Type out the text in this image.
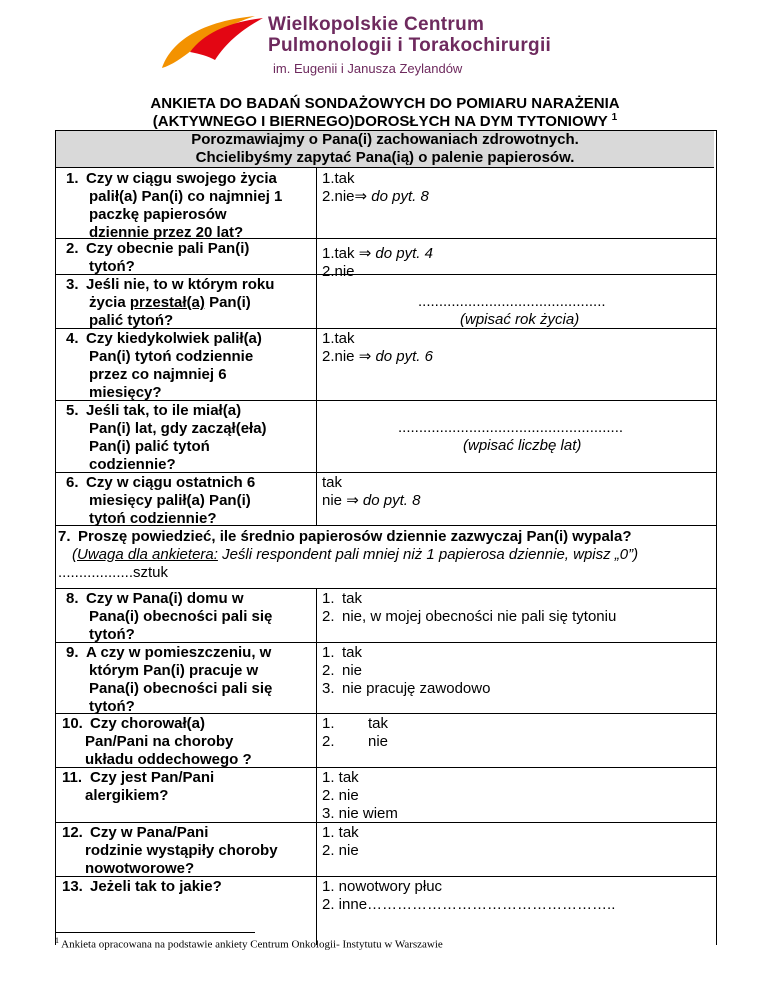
Wielkopolskie Centrum
Pulmonologii i Torakochirurgii
im. Eugenii i Janusza Zeylandów
ANKIETA DO BADAŃ SONDAŻOWYCH DO POMIARU NARAŻENIA
(AKTYWNEGO I BIERNEGO)DOROSŁYCH NA DYM TYTONIOWY $^1$
Porozmawiajmy o Pana(i) zachowaniach zdrowotnych.
Chcielibyśmy zapytać Pana(ią) o palenie papierosów.
1. Czy w ciągu swojego życia
palił(a) Pan(i) co najmniej 1
paczkę papierosów
dziennie przez 20 lat?
1.tak
2.nie⇒ do pyt. 8
2. Czy obecnie pali Pan(i)
tytoń?
1.tak ⇒ do pyt. 4
2.nie
3. Jeśli nie, to w którym roku
życia przestał(a) Pan(i)
palić tytoń?
.............................................
(wpisać rok życia)
4. Czy kiedykolwiek palił(a)
Pan(i) tytoń codziennie
przez co najmniej 6
miesięcy?
1.tak
2.nie ⇒ do pyt. 6
5. Jeśli tak, to ile miał(a)
Pan(i) lat, gdy zaczął(eła)
Pan(i) palić tytoń
codziennie?
......................................................
(wpisać liczbę lat)
6. Czy w ciągu ostatnich 6
miesięcy palił(a) Pan(i)
tytoń codziennie?
tak
nie ⇒ do pyt. 8
7. Proszę powiedzieć, ile średnio papierosów dziennie zazwyczaj Pan(i) wypala?
(Uwaga dla ankietera: Jeśli respondent pali mniej niż 1 papierosa dziennie, wpisz „0”)
..................sztuk
8. Czy w Pana(i) domu w
Pana(i) obecności pali się
tytoń?
1. tak
2. nie, w mojej obecności nie pali się tytoniu
9. A czy w pomieszczeniu, w
którym Pan(i) pracuje w
Pana(i) obecności pali się
tytoń?
1. tak
2. nie
3. nie pracuję zawodowo
10. Czy chorował(a)
Pan/Pani na choroby
układu oddechowego ?
1. tak
2. nie
11. Czy jest Pan/Pani
alergikiem?
1. tak
2. nie
3. nie wiem
12. Czy w Pana/Pani
rodzinie wystąpiły choroby
nowotworowe?
1. tak
2. nie
13. Jeżeli tak to jakie?	1. nowotwory płuc
2. inne…………………………………………..
$^1$ Ankieta opracowana na podstawie ankiety Centrum Onkologii- Instytutu w Warszawie
